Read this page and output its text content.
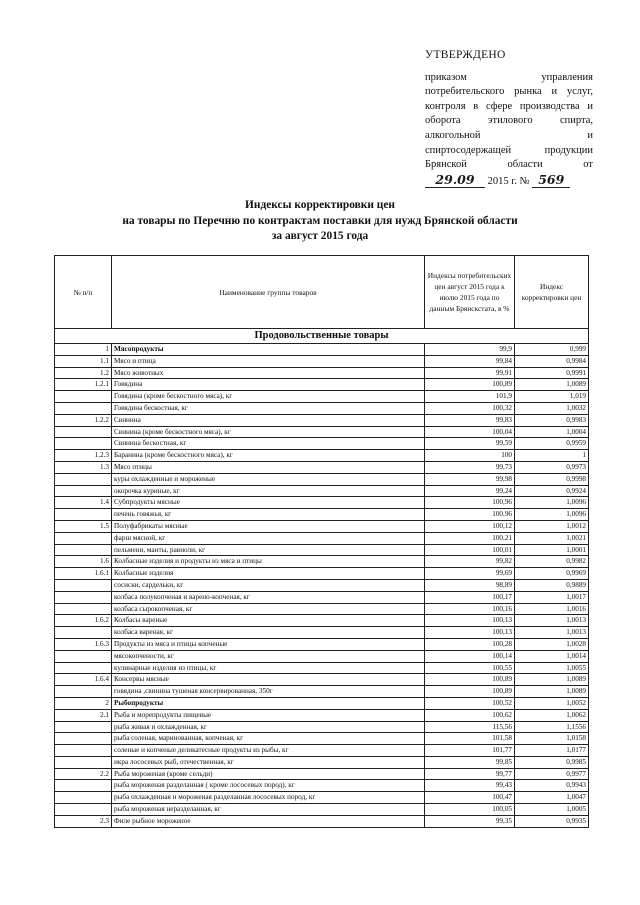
УТВЕРЖДЕНО
приказом	управления
потребительского рынка и услуг,
контроля в сфере производства и
оборота	этилового	спирта,
алкогольной	и
спиртосодержащей	продукции
Брянской	области	от
29.09 2015 г. № 569
Индексы корректировки цен
на товары по Перечню по контрактам поставки для нужд Брянской области
за август 2015 года
№ п/п	Наименование группы товаров	Индексы потребительских цен август 2015 года к июлю 2015 года по данным Брянскстата, в %	Индекс корректировки цен
Продовольственные товары			
1	Мясопродукты	99,9	0,999
1.1	Мясо и птица	99,84	0,9984
1.2	Мясо животных	99,91	0,9991
1.2.1	Говядина	100,89	1,0089
	Говядина (кроме бескостного мяса), кг	101,9	1,019
	Говядина бескостная, кг	100,32	1,0032
1.2.2	Свинина	99,83	0,9983
	Свинина (кроме бескостного мяса), кг	100,04	1,0004
	Свинина бескостная, кг	99,59	0,9959
1.2.3	Баранина (кроме бескостного мяса), кг	100	1
1.3	Мясо птицы	99,73	0,9973
	куры охлажденные и мороженые	99,98	0,9998
	окорочка куриные, кг	99,24	0,9924
1.4	Субпродукты мясные	100,96	1,0096
	печень говяжья, кг	100,96	1,0096
1.5	Полуфабрикаты мясные	100,12	1,0012
	фарш мясной, кг	100,21	1,0021
	пельмени, манты, равиоли, кг	100,01	1,0001
1.6	Колбасные изделия и продукты из мяса и птицы	99,82	0,9982
1.6.1	Колбасные изделия	99,69	0,9969
	сосиски, сардельки, кг	98,89	0,9889
	колбаса полукопченая и варено-копченая, кг	100,17	1,0017
	колбаса сырокопченая, кг	100,16	1,0016
1.6.2	Колбасы вареные	100,13	1,0013
	колбаса вареная, кг	100,13	1,0013
1.6.3	Продукты из мяса и птицы копченые	100,28	1,0028
	мясокопчености, кг	100,14	1,0014
	кулинарные изделия из птицы, кг	100,55	1,0055
1.6.4	Консервы мясные	100,89	1,0089
	говядина ,свинина тушеная консервированная, 350г	100,89	1,0089
2	Рыбопродукты	100,52	1,0052
2.1	Рыба и морепродукты пищевые	100,62	1,0062
	рыба живая и охлажденная, кг	115,56	1,1556
	рыба соленая, маринованная, копченая, кг	101,58	1,0158
	соленые и копченые деликатесные продукты из рыбы, кг	101,77	1,0177
	икра лососевых рыб, отечественная, кг	99,85	0,9985
2.2	Рыба мороженая (кроме сельди)	99,77	0,9977
	рыба мороженая разделанная ( кроме лососевых пород), кг	99,43	0,9943
	рыба охлажденная и мороженая разделанная лососевых пород, кг	100,47	1,0047
	рыба мороженая неразделанная, кг	100,05	1,0005
2.3	Филе рыбное мороженое	99,35	0,9935
